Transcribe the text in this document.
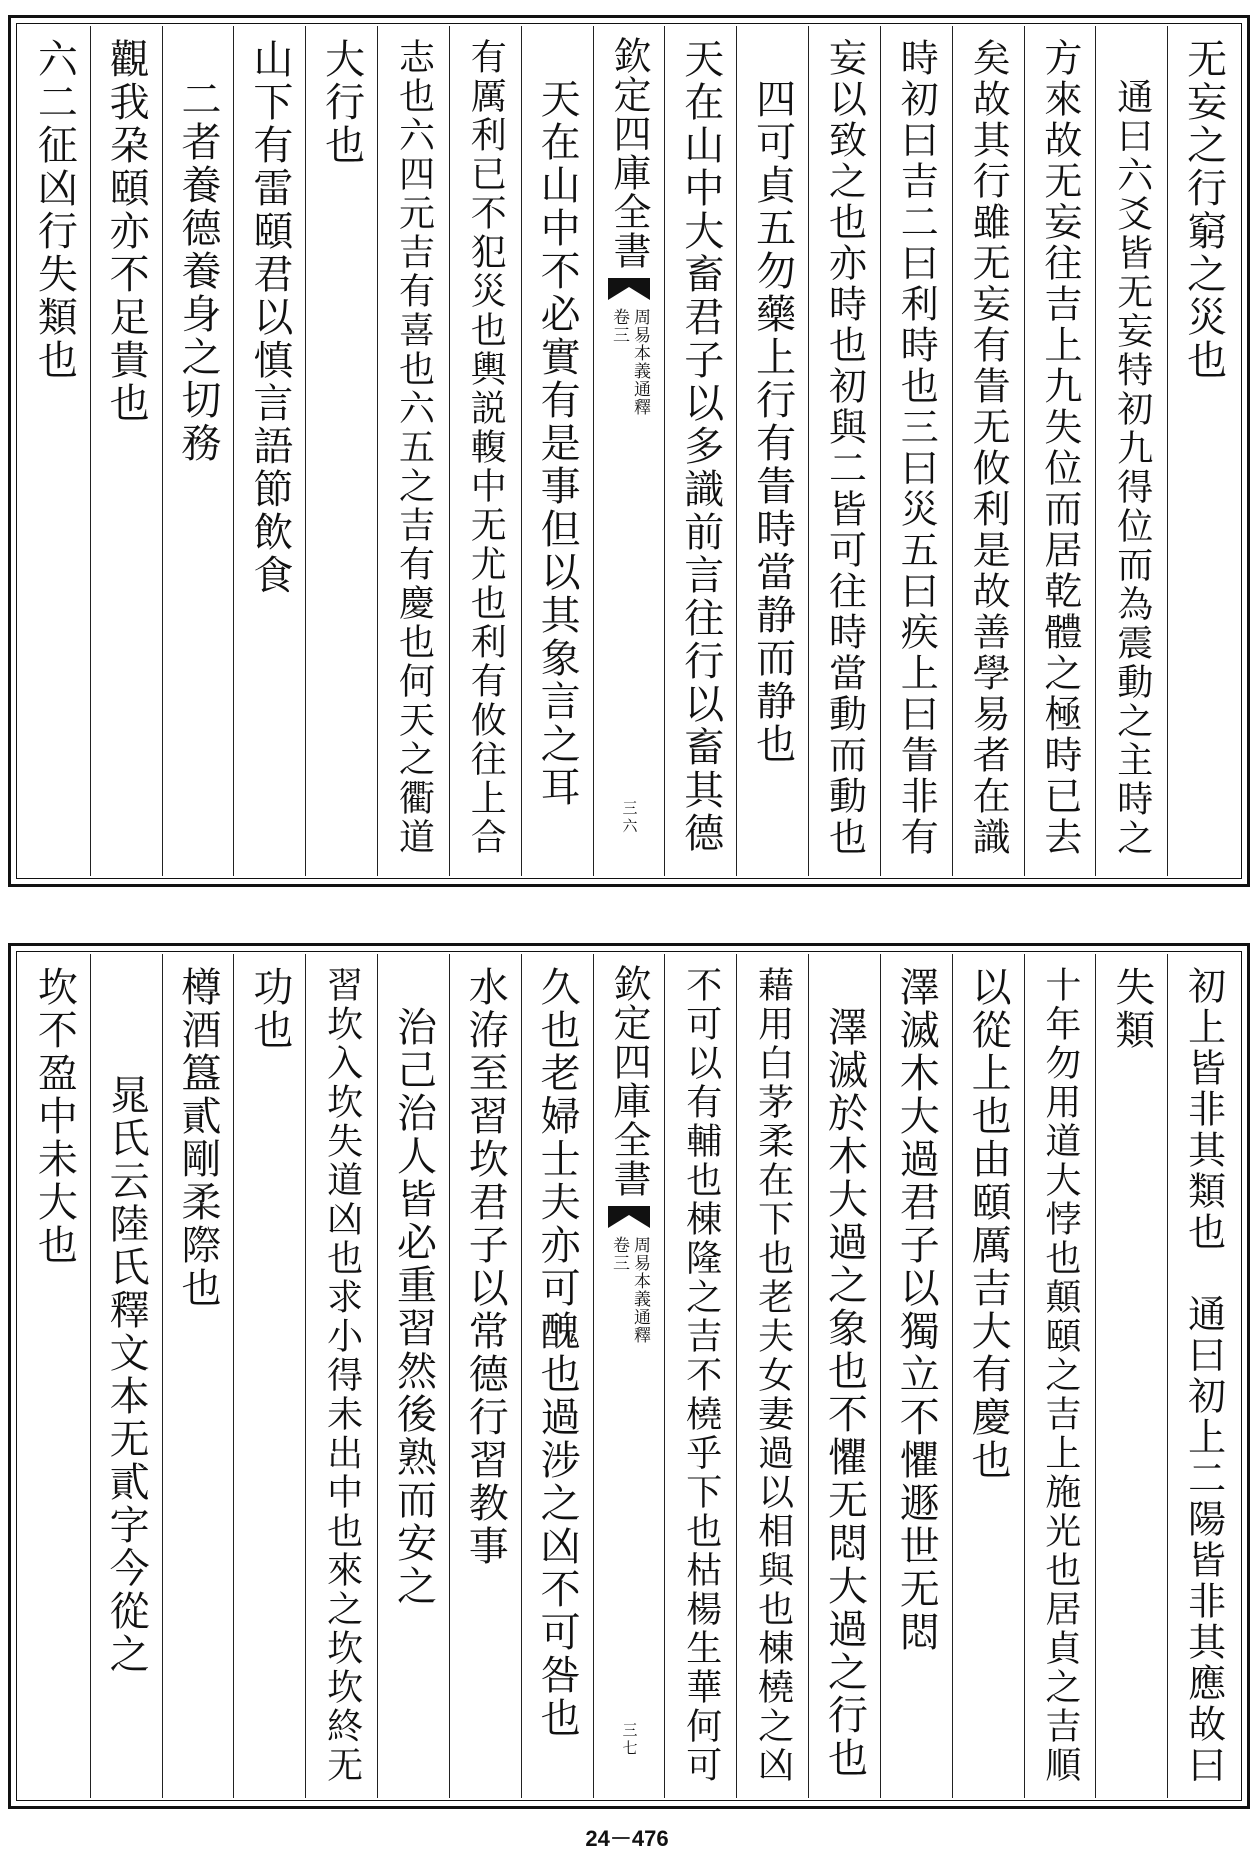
无妄之行窮之災也
通曰六爻皆无妄特初九得位而為震動之主時之
方來故无妄往吉上九失位而居乾體之極時已去
矣故其行雖无妄有眚无攸利是故善學易者在識
時初曰吉二曰利時也三曰災五曰疾上曰眚非有
妄以致之也亦時也初與二皆可往時當動而動也
四可貞五勿藥上行有眚時當静而静也
天在山中大畜君子以多識前言往行以畜其德
欽定四庫全書
周易本義通釋
卷三
三六
天在山中不必實有是事但以其象言之耳
有厲利已不犯災也輿説輹中无尤也利有攸往上合
志也六四元吉有喜也六五之吉有慶也何天之衢道
大行也
山下有雷頤君以慎言語節飲食
二者養德養身之切務
觀我朶頤亦不足貴也
六二征凶行失類也
初上皆非其類也　通曰初上二陽皆非其應故曰
失類
十年勿用道大悖也顛頤之吉上施光也居貞之吉順
以從上也由頤厲吉大有慶也
澤滅木大過君子以獨立不懼遯世无悶
澤滅於木大過之象也不懼无悶大過之行也
藉用白茅柔在下也老夫女妻過以相與也棟橈之凶
不可以有輔也棟隆之吉不橈乎下也枯楊生華何可
欽定四庫全書
周易本義通釋
卷三
三七
久也老婦士夫亦可醜也過涉之凶不可咎也
水洊至習坎君子以常德行習教事
治己治人皆必重習然後熟而安之
習坎入坎失道凶也求小得未出中也來之坎坎終无
功也
樽酒簋貳剛柔際也
晁氏云陸氏釋文本无貳字今從之
坎不盈中未大也
24－476
